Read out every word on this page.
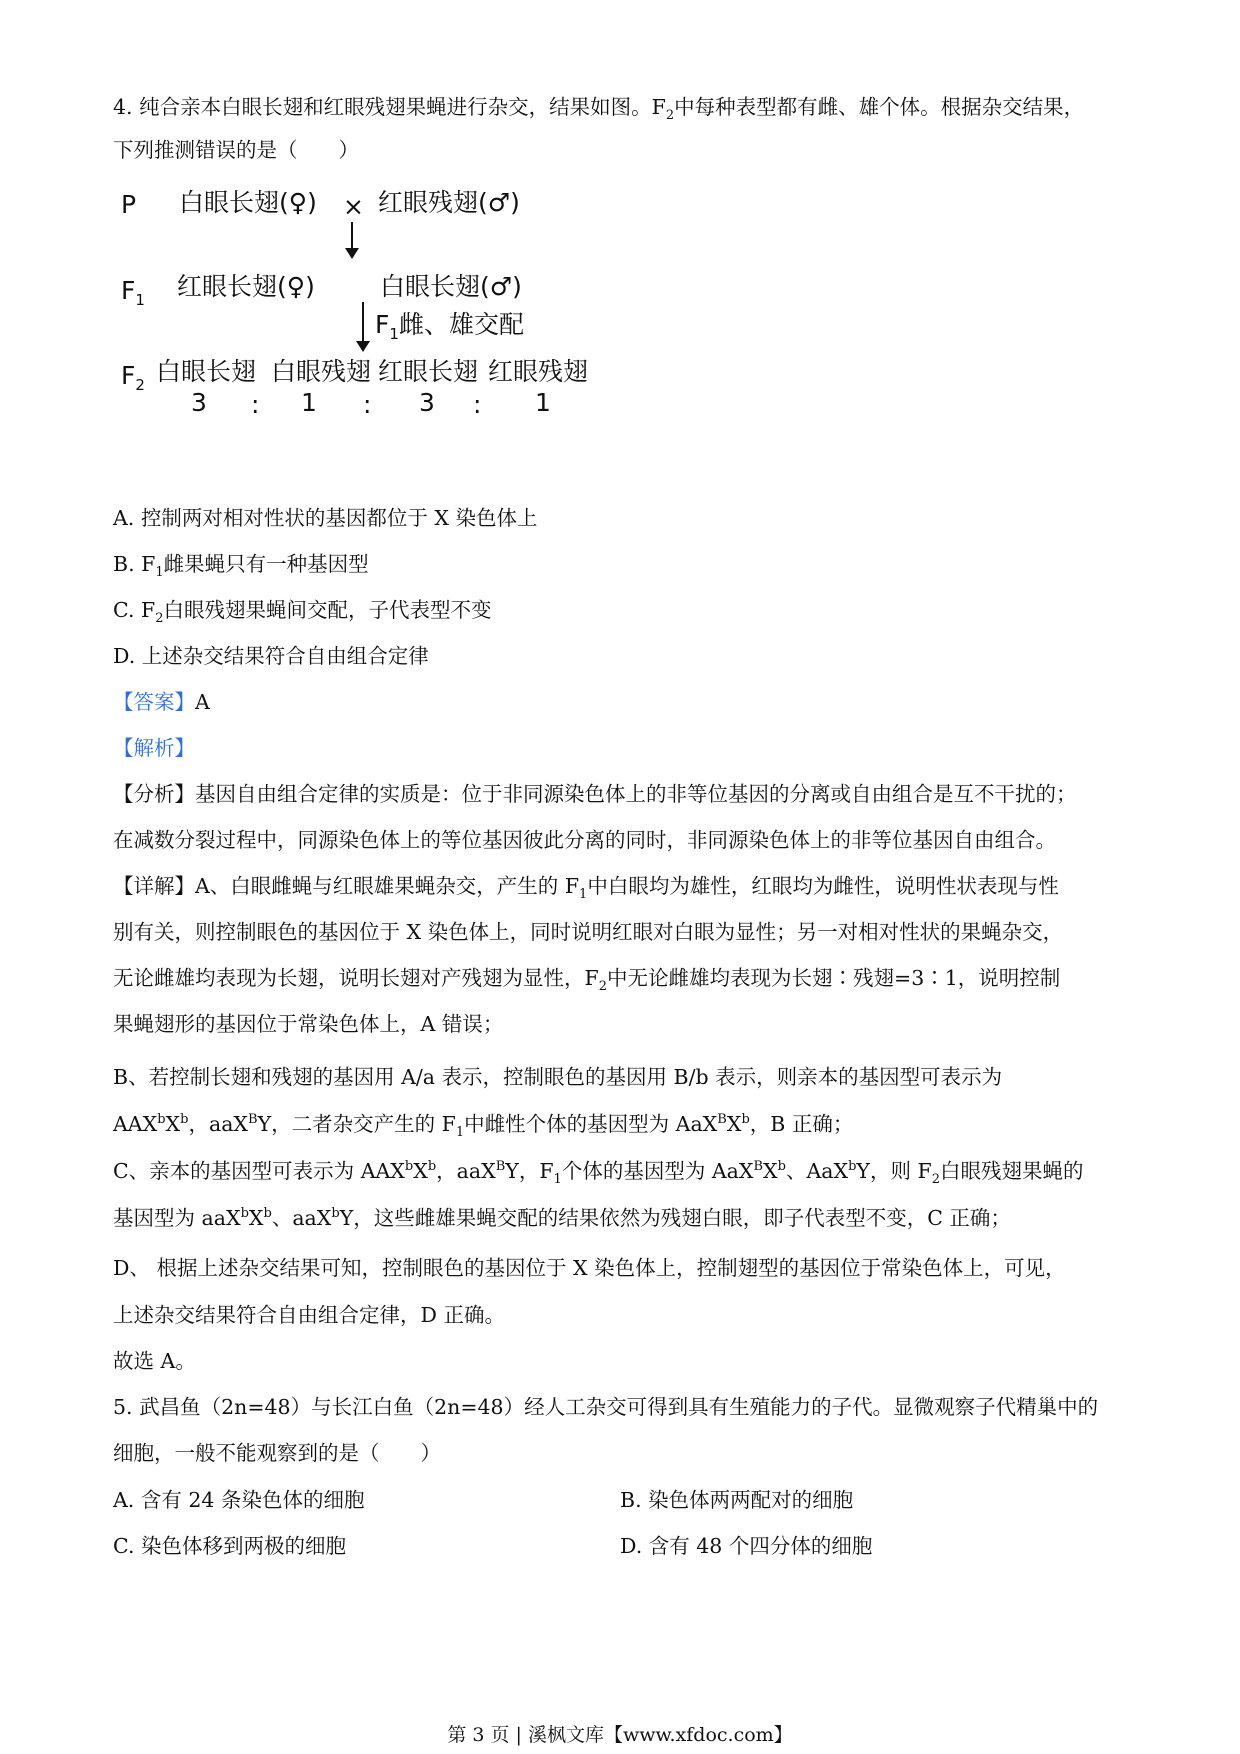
4. 纯合亲本白眼长翅和红眼残翅果蝇进行杂交，结果如图。$F_2$中每种表型都有雌、雄个体。根据杂交结果，
下列推测错误的是（　　）
P 白眼长翅(♀) × 红眼残翅(♂)
$F_1$ 红眼长翅(♀)	白眼长翅(♂)
$F_1$雌、雄交配
$F_2$ 白眼长翅 白眼残翅 红眼长翅 红眼残翅
3 : 1 : 3 : 1
A. 控制两对相对性状的基因都位于 X 染色体上
B. $F_1$雌果蝇只有一种基因型
C. $F_2$白眼残翅果蝇间交配，子代表型不变
D. 上述杂交结果符合自由组合定律
【答案】A
【解析】
【分析】基因自由组合定律的实质是：位于非同源染色体上的非等位基因的分离或自由组合是互不干扰的；
在减数分裂过程中，同源染色体上的等位基因彼此分离的同时，非同源染色体上的非等位基因自由组合。
【详解】A、白眼雌蝇与红眼雄果蝇杂交，产生的 $F_1$中白眼均为雄性，红眼均为雌性，说明性状表现与性
别有关，则控制眼色的基因位于 X 染色体上，同时说明红眼对白眼为显性；另一对相对性状的果蝇杂交，
无论雌雄均表现为长翅，说明长翅对产残翅为显性，$F_2$中无论雌雄均表现为长翅∶残翅=3∶1，说明控制
果蝇翅形的基因位于常染色体上，A 错误；
B、若控制长翅和残翅的基因用 A/a 表示，控制眼色的基因用 B/b 表示，则亲本的基因型可表示为
$AAX^bX^b$，aaX$^B$Y，二者杂交产生的 $F_1$中雌性个体的基因型为 $AaX^BX^b$，B 正确；
C、亲本的基因型可表示为 $AAX^bX^b$，aaX$^B$Y，$F_1$个体的基因型为 $AaX^BX^b$、AaX$^b$Y，则 $F_2$白眼残翅果蝇的
基因型为 $aaX^bX^b$、aaX$^b$Y，这些雌雄果蝇交配的结果依然为残翅白眼，即子代表型不变，C 正确；
D、 根据上述杂交结果可知，控制眼色的基因位于 X 染色体上，控制翅型的基因位于常染色体上，可见，
上述杂交结果符合自由组合定律，D 正确。
故选 A。
5. 武昌鱼（2n=48）与长江白鱼（2n=48）经人工杂交可得到具有生殖能力的子代。显微观察子代精巢中的
细胞，一般不能观察到的是（　　）
A. 含有 24 条染色体的细胞	B. 染色体两两配对的细胞
C. 染色体移到两极的细胞	D. 含有 48 个四分体的细胞
第 3 页 | 溪枫文库【www.xfdoc.com】
